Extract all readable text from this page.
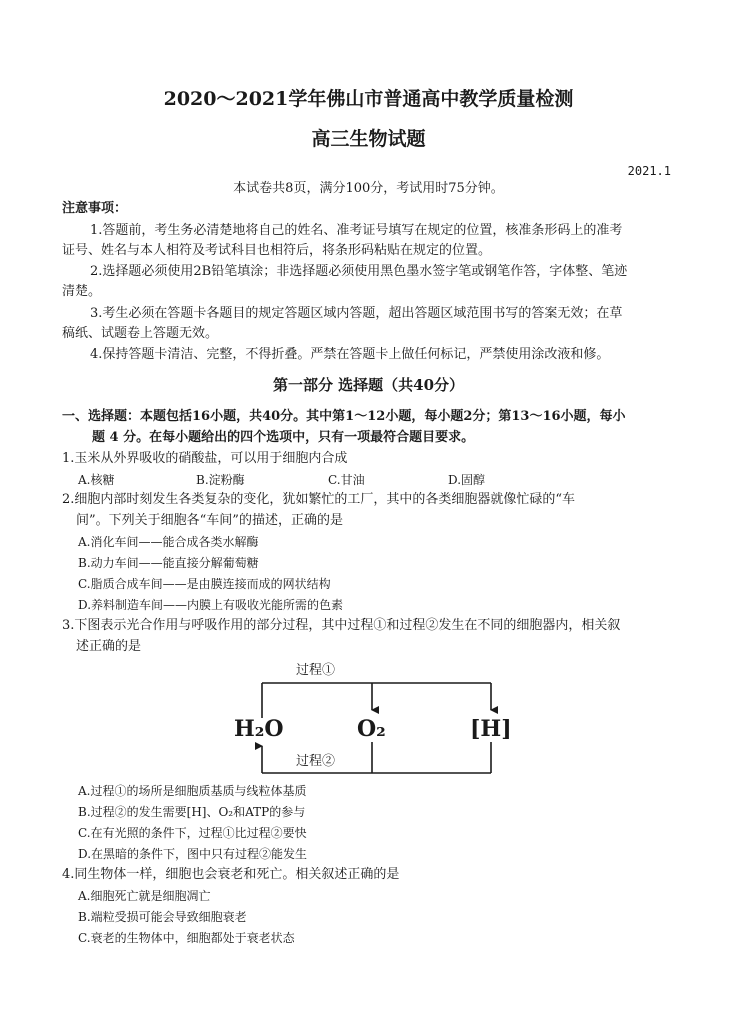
2020～2021学年佛山市普通高中教学质量检测
高三生物试题
2021.1
本试卷共8页，满分100分，考试用时75分钟。
注意事项：
1.答题前，考生务必清楚地将自己的姓名、准考证号填写在规定的位置，核准条形码上的准考
证号、姓名与本人相符及考试科目也相符后，将条形码粘贴在规定的位置。
2.选择题必须使用2B铅笔填涂；非选择题必须使用黑色墨水签字笔或钢笔作答，字体整、笔迹
清楚。
3.考生必须在答题卡各题目的规定答题区域内答题，超出答题区域范围书写的答案无效；在草
稿纸、试题卷上答题无效。
4.保持答题卡清洁、完整，不得折叠。严禁在答题卡上做任何标记，严禁使用涂改液和修。
第一部分 选择题（共40分）
一、选择题：本题包括16小题，共40分。其中第1～12小题，每小题2分；第13～16小题，每小
题 4 分。在每小题给出的四个选项中，只有一项最符合题目要求。
1.玉米从外界吸收的硝酸盐，可以用于细胞内合成
A.核糖	B.淀粉酶	C.甘油	D.固醇
2.细胞内部时刻发生各类复杂的变化，犹如繁忙的工厂，其中的各类细胞器就像忙碌的“车
间”。下列关于细胞各“车间”的描述，正确的是
A.消化车间——能合成各类水解酶
B.动力车间——能直接分解葡萄糖
C.脂质合成车间——是由膜连接而成的网状结构
D.养料制造车间——内膜上有吸收光能所需的色素
3.下图表示光合作用与呼吸作用的部分过程，其中过程①和过程②发生在不同的细胞器内，相关叙
述正确的是
过程①
过程②
H₂O	O₂	[H]
A.过程①的场所是细胞质基质与线粒体基质
B.过程②的发生需要[H]、O₂和ATP的参与
C.在有光照的条件下，过程①比过程②要快
D.在黑暗的条件下，图中只有过程②能发生
4.同生物体一样，细胞也会衰老和死亡。相关叙述正确的是
A.细胞死亡就是细胞凋亡
B.端粒受损可能会导致细胞衰老
C.衰老的生物体中，细胞都处于衰老状态
